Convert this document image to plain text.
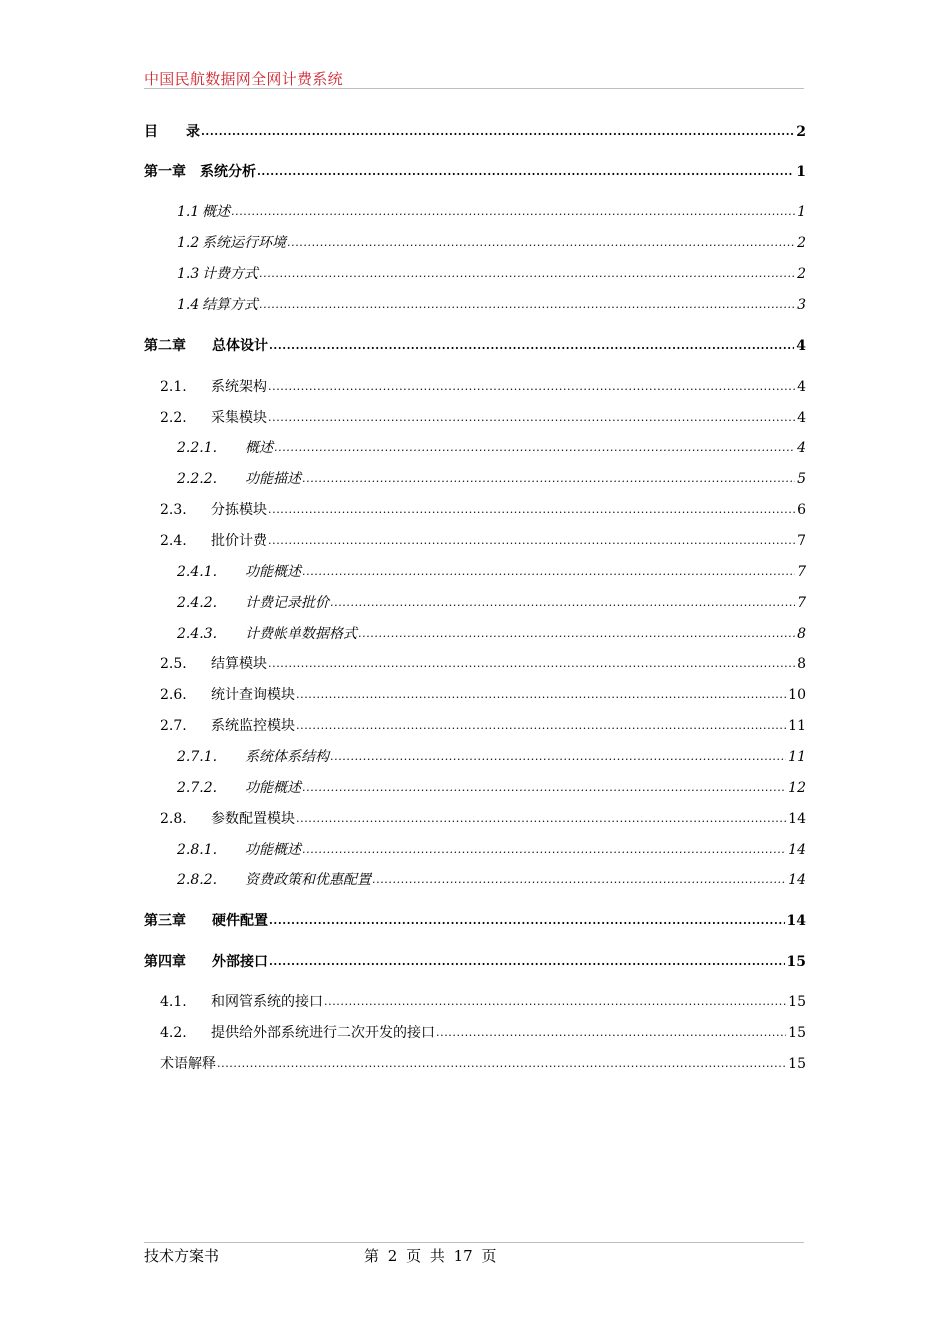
中国民航数据网全网计费系统
目　　录 .....	2
第一章	系统分析 .....	1
1.1 概述 .....	1
1.2 系统运行环境 .....	2
1.3 计费方式 .....	2
1.4 结算方式 .....	3
第二章	总体设计 .....	4
2.1.	系统架构 .....	4
2.2.	采集模块 .....	4
2.2.1.	概述 .....	4
2.2.2.	功能描述 .....	5
2.3.	分拣模块 .....	6
2.4.	批价计费 .....	7
2.4.1.	功能概述 .....	7
2.4.2.	计费记录批价 .....	7
2.4.3.	计费帐单数据格式 .....	8
2.5.	结算模块 .....	8
2.6.	统计查询模块 .....	10
2.7.	系统监控模块 .....	11
2.7.1.	系统体系结构 .....	11
2.7.2.	功能概述 .....	12
2.8.	参数配置模块 .....	14
2.8.1.	功能概述 .....	14
2.8.2.	资费政策和优惠配置 .....	14
第三章	硬件配置 .....	14
第四章	外部接口 .....	15
4.1.	和网管系统的接口 .....	15
4.2.	提供给外部系统进行二次开发的接口 .....	15
术语解释 .....	15
技术方案书	第 2 页 共 17 页
